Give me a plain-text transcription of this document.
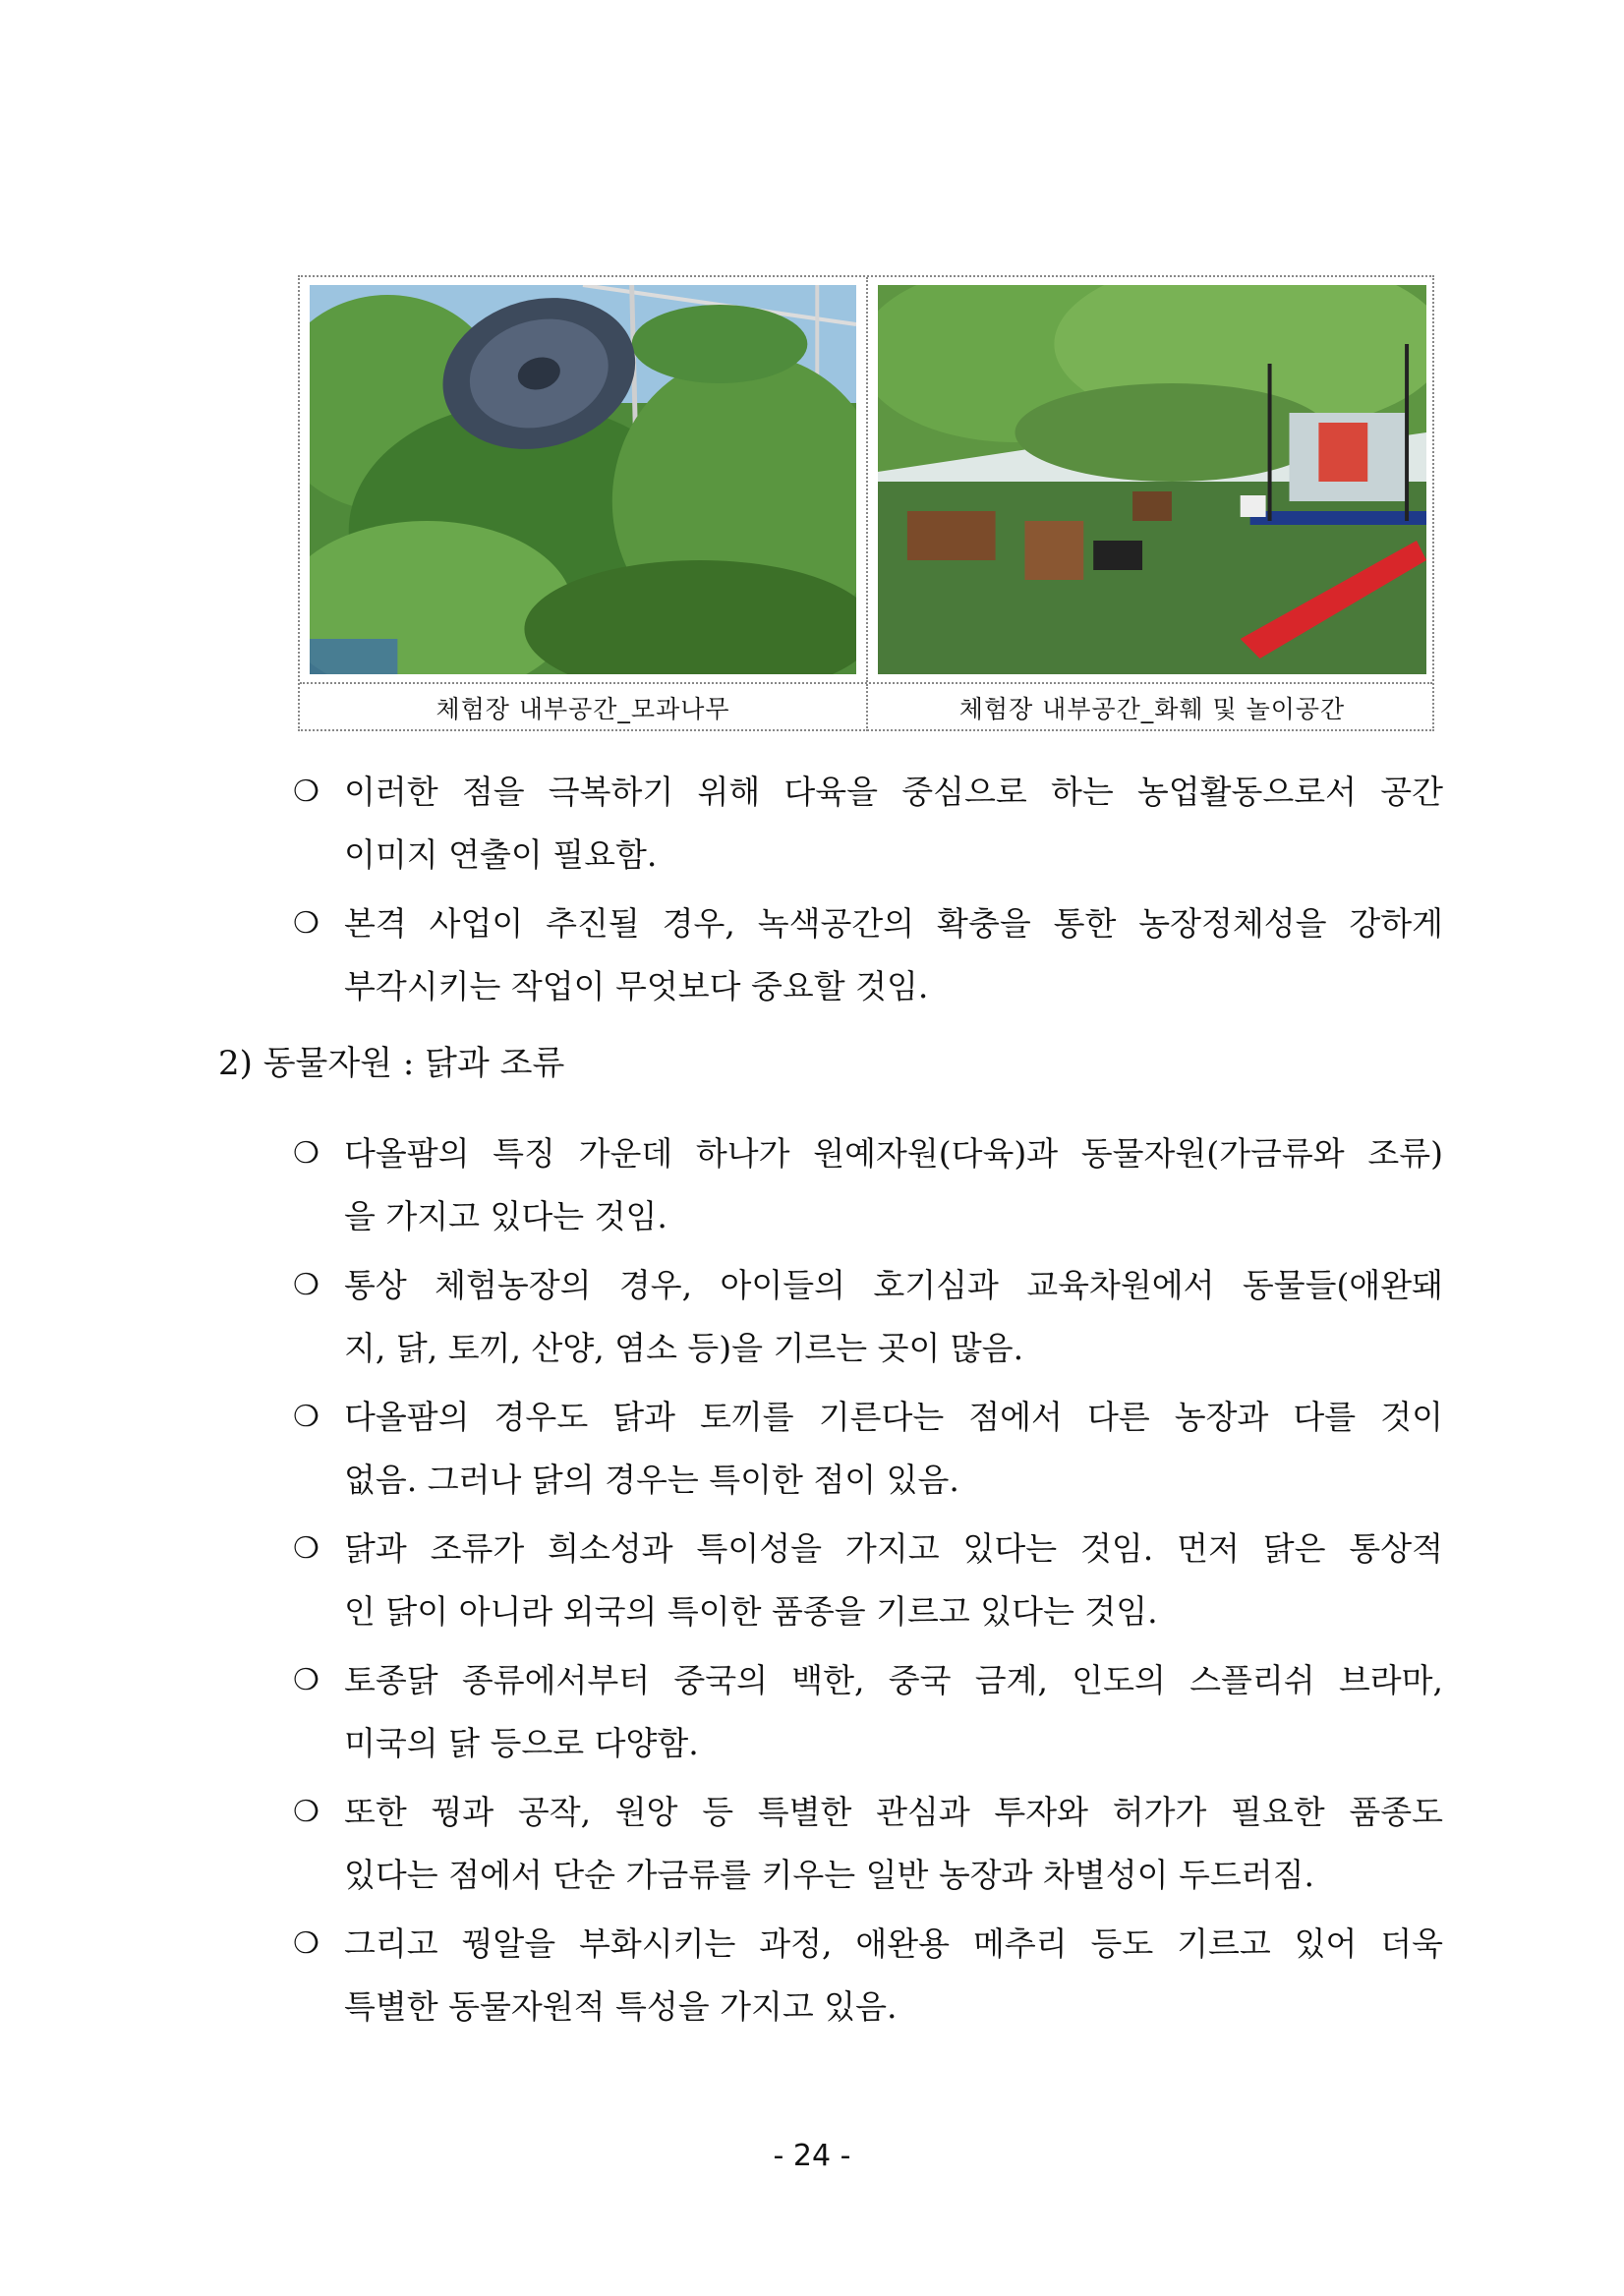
체험장 내부공간_모과나무	체험장 내부공간_화훼 및 놀이공간
❍ 이러한 점을 극복하기 위해 다육을 중심으로 하는 농업활동으로서 공간
이미지 연출이 필요함.
❍ 본격 사업이 추진될 경우, 녹색공간의 확충을 통한 농장정체성을 강하게
부각시키는 작업이 무엇보다 중요할 것임.
2) 동물자원 : 닭과 조류
❍ 다올팜의 특징 가운데 하나가 원예자원(다육)과 동물자원(가금류와 조류)
을 가지고 있다는 것임.
❍ 통상 체험농장의 경우, 아이들의 호기심과 교육차원에서 동물들(애완돼
지, 닭, 토끼, 산양, 염소 등)을 기르는 곳이 많음.
❍ 다올팜의 경우도 닭과 토끼를 기른다는 점에서 다른 농장과 다를 것이
없음. 그러나 닭의 경우는 특이한 점이 있음.
❍ 닭과 조류가 희소성과 특이성을 가지고 있다는 것임. 먼저 닭은 통상적
인 닭이 아니라 외국의 특이한 품종을 기르고 있다는 것임.
❍ 토종닭 종류에서부터 중국의 백한, 중국 금계, 인도의 스플리쉬 브라마,
미국의 닭 등으로 다양함.
❍ 또한 꿩과 공작, 원앙 등 특별한 관심과 투자와 허가가 필요한 품종도
있다는 점에서 단순 가금류를 키우는 일반 농장과 차별성이 두드러짐.
❍ 그리고 꿩알을 부화시키는 과정, 애완용 메추리 등도 기르고 있어 더욱
특별한 동물자원적 특성을 가지고 있음.
- 24 -
